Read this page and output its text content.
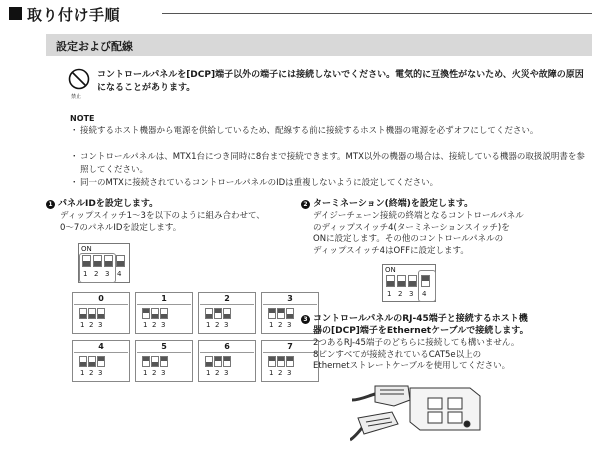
取り付け手順
設定および配線
禁止
コントロールパネルを[DCP]端子以外の端子には接続しないでください。電気的に互換性がないため、火災や故障の原因になることがあります。
NOTE
・ 接続するホスト機器から電源を供給しているため、配線する前に接続するホスト機器の電源を必ずオフにしてください。
・ コントロールパネルは、MTX1台につき同時に8台まで接続できます。MTX以外の機器の場合は、接続している機器の取扱説明書を参照してください。
・ 同一のMTXに接続されているコントロールパネルのIDは重複しないように設定してください。
1 パネルIDを設定します。
ディップスイッチ1～3を以下のように組み合わせて、
0～7のパネルIDを設定します。
ON
1 2 3 4
0
1 2 3
1
1 2 3
2
1 2 3
3
1 2 3
4
1 2 3
5
1 2 3
6
1 2 3
7
1 2 3
2 ターミネーション(終端)を設定します。
デイジーチェーン接続の終端となるコントロールパネル
のディップスイッチ4(ターミネーションスイッチ)を
ONに設定します。その他のコントロールパネルの
ディップスイッチ4はOFFに設定します。
ON
1 2 3 4
3 コントロールパネルのRJ-45端子と接続するホスト機
器の[DCP]端子をEthernetケーブルで接続します。
2つあるRJ-45端子のどちらに接続しても構いません。
8ピンすべてが接続されているCAT5e以上の
Ethernetストレートケーブルを使用してください。
